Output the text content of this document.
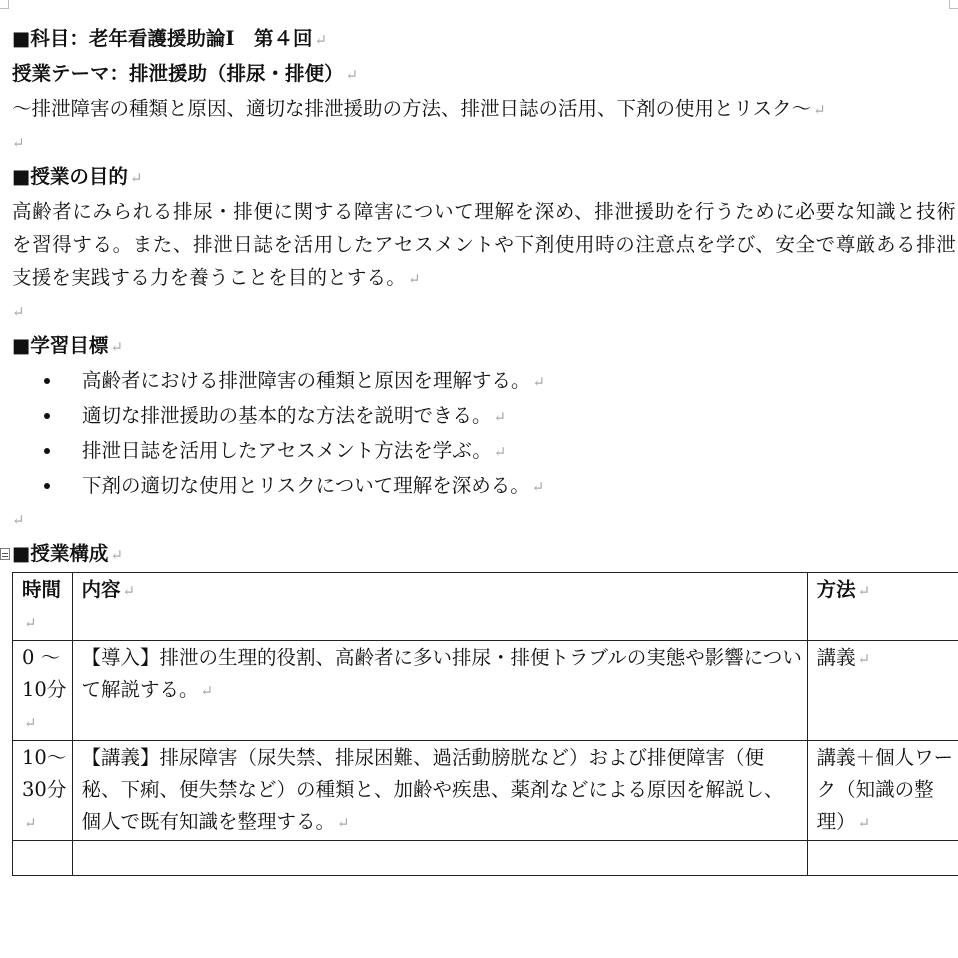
■科目：老年看護援助論Ⅰ　第４回 ↵

授業テーマ：排泄援助（排尿・排便） ↵

～排泄障害の種類と原因、適切な排泄援助の方法、排泄日誌の活用、下剤の使用とリスク～ ↵

↵

■授業の目的 ↵

高齢者にみられる排尿・排便に関する障害について理解を深め、排泄援助を行うために必要な知識と技術を習得する。また、排泄日誌を活用したアセスメントや下剤使用時の注意点を学び、安全で尊厳ある排泄支援を実践する力を養うことを目的とする。 ↵

↵

■学習目標 ↵

高齢者における排泄障害の種類と原因を理解する。 ↵
適切な排泄援助の基本的な方法を説明できる。 ↵
排泄日誌を活用したアセスメント方法を学ぶ。 ↵
下剤の適切な使用とリスクについて理解を深める。 ↵
↵

■授業構成 ↵

時間↵	内容 ↵	方法 ↵
0 ～ 10分↵	【導入】排泄の生理的役割、高齢者に多い排尿・排便トラブルの実態や影響について解説する。 ↵	講義 ↵
10～ 30分↵	【講義】排尿障害（尿失禁、排尿困難、過活動膀胱など）および排便障害（便秘、下痢、便失禁など）の種類と、加齢や疾患、薬剤などによる原因を解説し、個人で既有知識を整理する。 ↵	講義＋個人ワーク（知識の整理） ↵
